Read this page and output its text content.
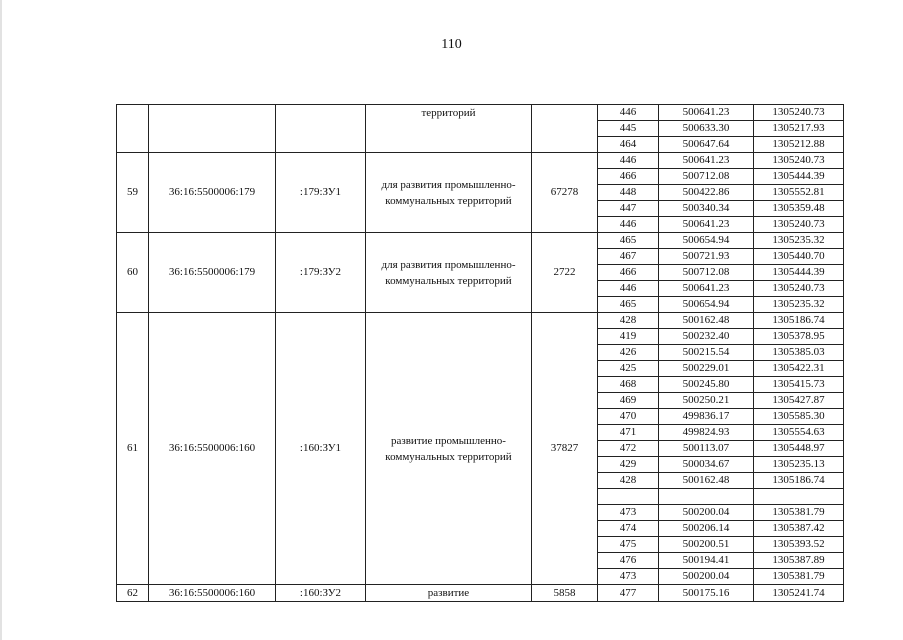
110
			территорий		446	500641.23	1305240.73
					445	500633.30	1305217.93
					464	500647.64	1305212.88
59	36:16:5500006:179	:179:ЗУ1	для развития промышленно-коммунальных территорий	67278	446	500641.23	1305240.73
					466	500712.08	1305444.39
					448	500422.86	1305552.81
					447	500340.34	1305359.48
					446	500641.23	1305240.73
60	36:16:5500006:179	:179:ЗУ2	для развития промышленно-коммунальных территорий	2722	465	500654.94	1305235.32
					467	500721.93	1305440.70
					466	500712.08	1305444.39
					446	500641.23	1305240.73
					465	500654.94	1305235.32
61	36:16:5500006:160	:160:ЗУ1	развитие промышленно-коммунальных территорий	37827	428	500162.48	1305186.74
					419	500232.40	1305378.95
					426	500215.54	1305385.03
					425	500229.01	1305422.31
					468	500245.80	1305415.73
					469	500250.21	1305427.87
					470	499836.17	1305585.30
					471	499824.93	1305554.63
					472	500113.07	1305448.97
					429	500034.67	1305235.13
					428	500162.48	1305186.74

					473	500200.04	1305381.79
					474	500206.14	1305387.42
					475	500200.51	1305393.52
					476	500194.41	1305387.89
					473	500200.04	1305381.79
62	36:16:5500006:160	:160:ЗУ2	развитие	5858	477	500175.16	1305241.74
